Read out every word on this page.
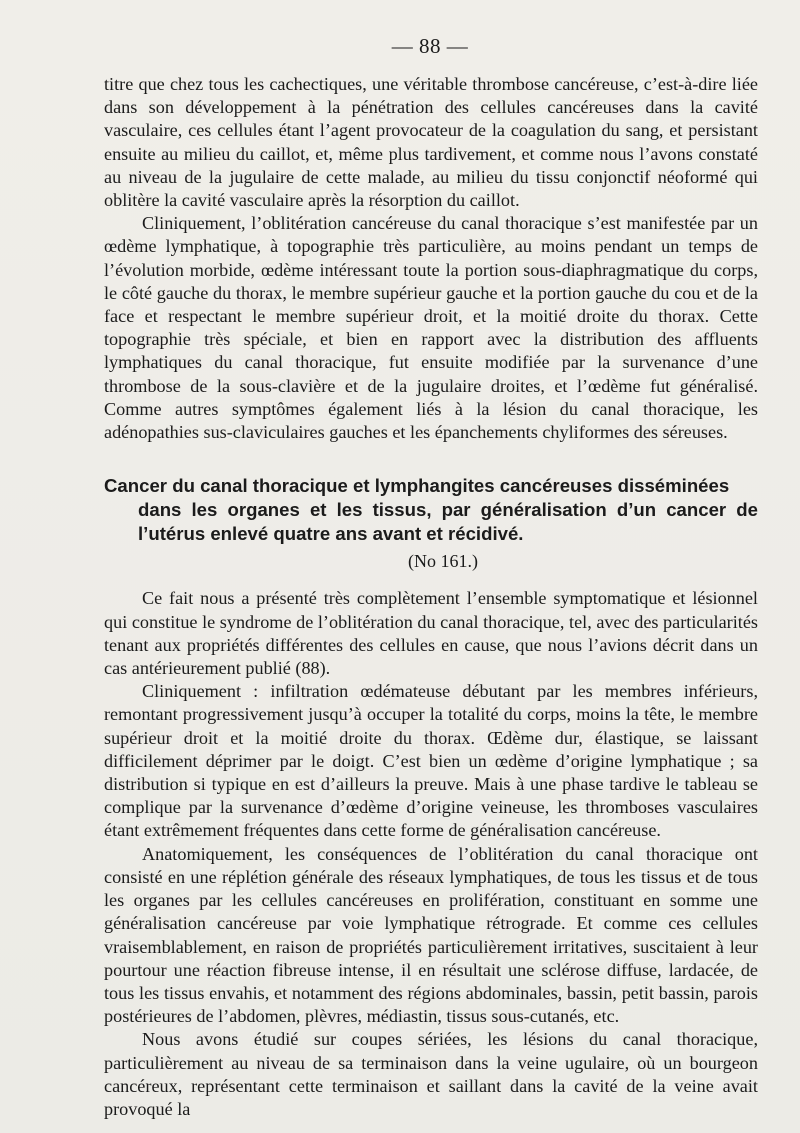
— 88 —

titre que chez tous les cachectiques, une véritable thrombose cancéreuse, c’est-à-dire liée dans son développement à la pénétration des cellules cancéreuses dans la cavité vasculaire, ces cellules étant l’agent provocateur de la coagulation du sang, et persistant ensuite au milieu du caillot, et, même plus tardivement, et comme nous l’avons constaté au niveau de la jugulaire de cette malade, au milieu du tissu conjonctif néoformé qui oblitère la cavité vasculaire après la résorption du caillot.

Cliniquement, l’oblitération cancéreuse du canal thoracique s’est manifestée par un œdème lymphatique, à topographie très particulière, au moins pendant un temps de l’évolution morbide, œdème intéressant toute la portion sous-diaphragmatique du corps, le côté gauche du thorax, le membre supérieur gauche et la portion gauche du cou et de la face et respectant le membre supérieur droit, et la moitié droite du thorax. Cette topographie très spéciale, et bien en rapport avec la distribution des affluents lymphatiques du canal thoracique, fut ensuite modifiée par la survenance d’une thrombose de la sous-clavière et de la jugulaire droites, et l’œdème fut généralisé. Comme autres symptômes également liés à la lésion du canal thoracique, les adénopathies sus-claviculaires gauches et les épanchements chyliformes des séreuses.

Cancer du canal thoracique et lymphangites cancéreuses disséminées
dans les organes et les tissus, par généralisation d’un cancer de l’utérus enlevé quatre ans avant et récidivé.
(No 161.)

Ce fait nous a présenté très complètement l’ensemble symptomatique et lésionnel qui constitue le syndrome de l’oblitération du canal thoracique, tel, avec des particularités tenant aux propriétés différentes des cellules en cause, que nous l’avions décrit dans un cas antérieurement publié (88).

Cliniquement : infiltration œdémateuse débutant par les membres inférieurs, remontant progressivement jusqu’à occuper la totalité du corps, moins la tête, le membre supérieur droit et la moitié droite du thorax. Œdème dur, élastique, se laissant difficilement déprimer par le doigt. C’est bien un œdème d’origine lymphatique ; sa distribution si typique en est d’ailleurs la preuve. Mais à une phase tardive le tableau se complique par la survenance d’œdème d’origine veineuse, les thromboses vasculaires étant extrêmement fréquentes dans cette forme de généralisation cancéreuse.

Anatomiquement, les conséquences de l’oblitération du canal thoracique ont consisté en une réplétion générale des réseaux lymphatiques, de tous les tissus et de tous les organes par les cellules cancéreuses en prolifération, constituant en somme une généralisation cancéreuse par voie lymphatique rétrograde. Et comme ces cellules vraisemblablement, en raison de propriétés particulièrement irritatives, suscitaient à leur pourtour une réaction fibreuse intense, il en résultait une sclérose diffuse, lardacée, de tous les tissus envahis, et notamment des régions abdominales, bassin, petit bassin, parois postérieures de l’abdomen, plèvres, médiastin, tissus sous-cutanés, etc.

Nous avons étudié sur coupes sériées, les lésions du canal thoracique, particulièrement au niveau de sa terminaison dans la veine ugulaire, où un bourgeon cancéreux, représentant cette terminaison et saillant dans la cavité de la veine avait provoqué la
